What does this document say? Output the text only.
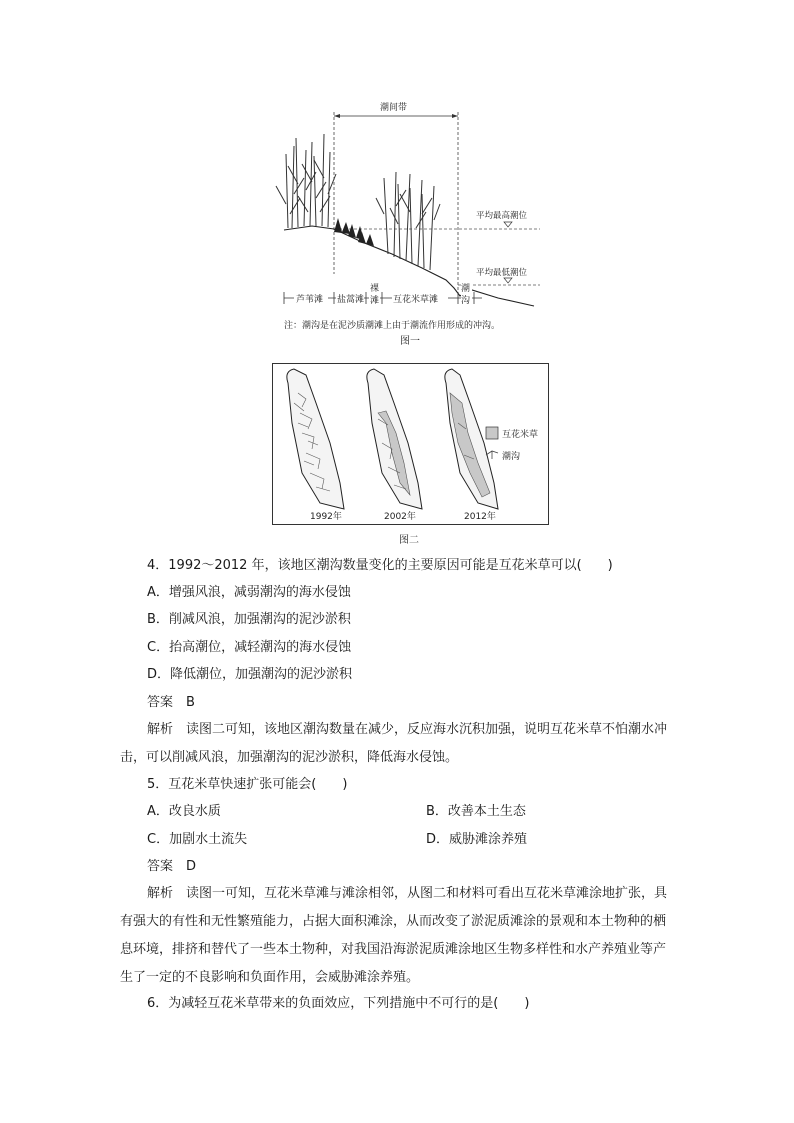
潮间带
平均最高潮位
平均最低潮位
芦苇滩 盐蒿滩
裸
滩 互花米草滩
潮
沟
注：潮沟是在泥沙质潮滩上由于潮流作用形成的冲沟。
图一
互花米草
潮沟
1992年	2002年	2012年
图二
4．1992～2012 年，该地区潮沟数量变化的主要原因可能是互花米草可以(　　)
A．增强风浪，减弱潮沟的海水侵蚀
B．削减风浪，加强潮沟的泥沙淤积
C．抬高潮位，减轻潮沟的海水侵蚀
D．降低潮位，加强潮沟的泥沙淤积
答案　B
解析　读图二可知，该地区潮沟数量在减少，反应海水沉积加强，说明互花米草不怕潮水冲击，可以削减风浪，加强潮沟的泥沙淤积，降低海水侵蚀。
5．互花米草快速扩张可能会(　　)
A．改良水质	B．改善本土生态
C．加剧水土流失	D．威胁滩涂养殖
答案　D
解析　读图一可知，互花米草滩与滩涂相邻，从图二和材料可看出互花米草滩涂地扩张，具有强大的有性和无性繁殖能力，占据大面积滩涂，从而改变了淤泥质滩涂的景观和本土物种的栖息环境，排挤和替代了一些本土物种，对我国沿海淤泥质滩涂地区生物多样性和水产养殖业等产生了一定的不良影响和负面作用，会威胁滩涂养殖。
6．为减轻互花米草带来的负面效应，下列措施中不可行的是(　　)
